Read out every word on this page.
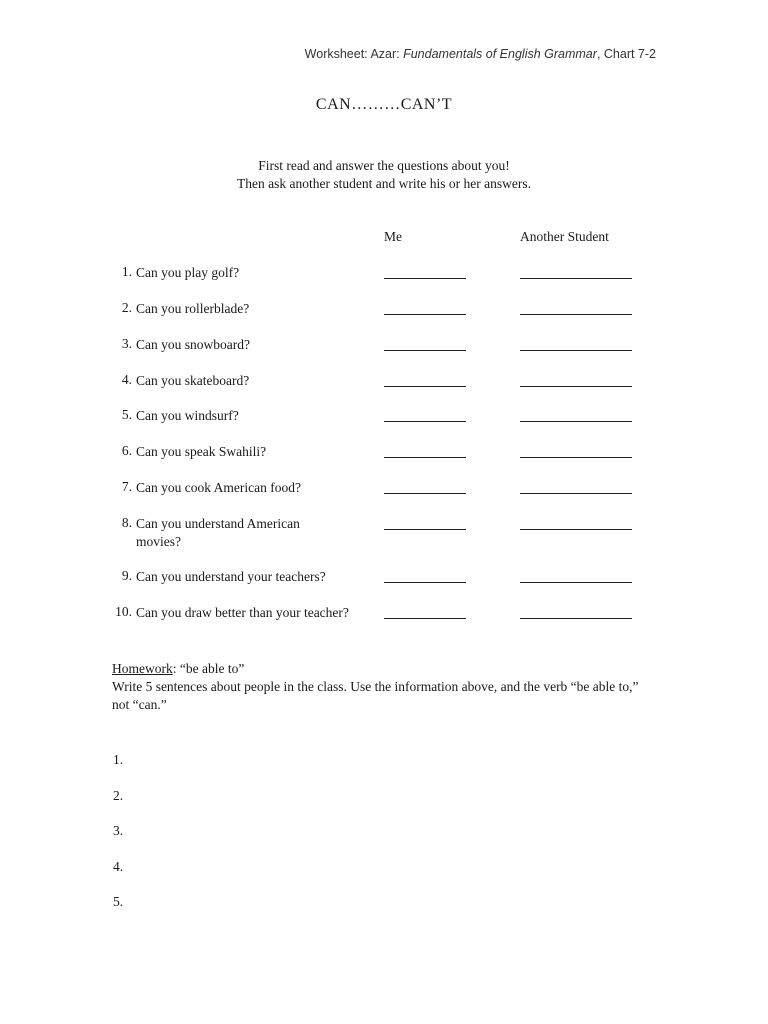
Worksheet: Azar: Fundamentals of English Grammar, Chart 7-2
CAN………CAN’T
First read and answer the questions about you!
Then ask another student and write his or her answers.
Me	Another Student
1. Can you play golf?
2. Can you rollerblade?
3. Can you snowboard?
4. Can you skateboard?
5. Can you windsurf?
6. Can you speak Swahili?
7. Can you cook American food?
8. Can you understand American movies?
9. Can you understand your teachers?
10. Can you draw better than your teacher?
Homework: “be able to”
Write 5 sentences about people in the class. Use the information above, and the verb “be able to,” not “can.”
1.
2.
3.
4.
5.
